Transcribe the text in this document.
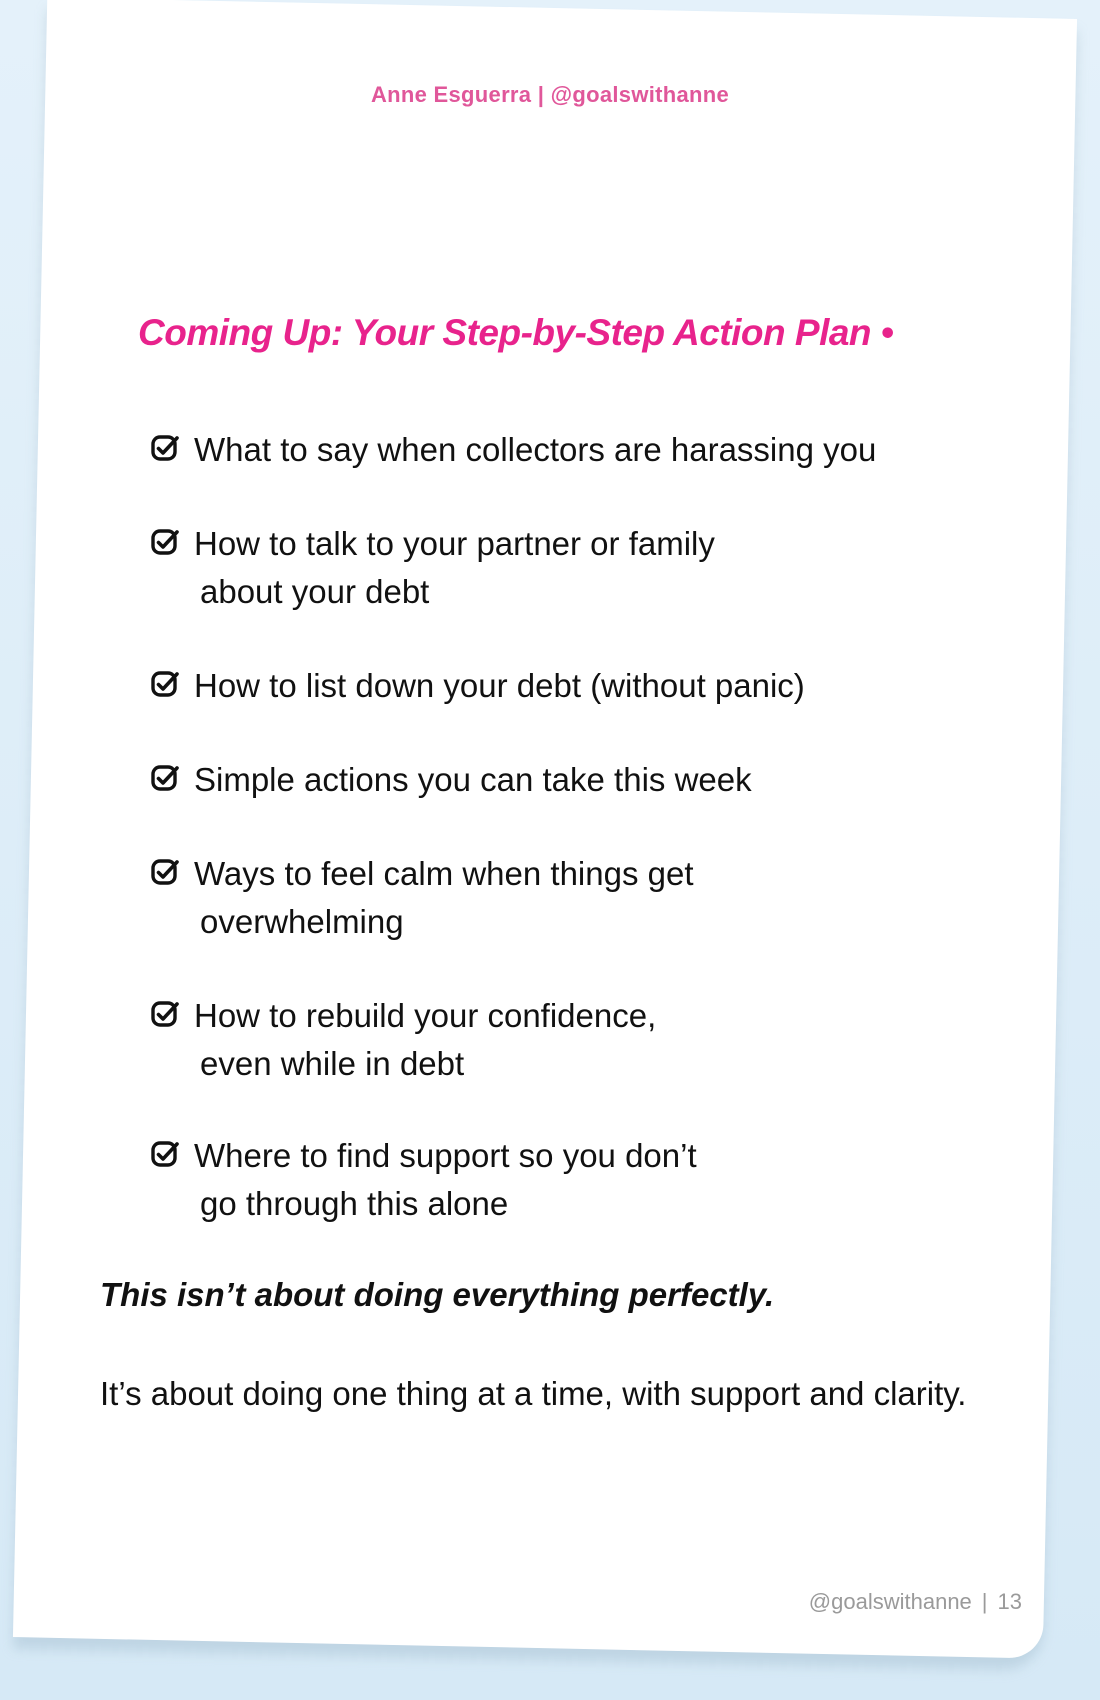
Anne Esguerra | @goalswithanne
Coming Up: Your Step-by-Step Action Plan •
What to say when collectors are harassing you
How to talk to your partner or family
about your debt
How to list down your debt (without panic)
Simple actions you can take this week
Ways to feel calm when things get
overwhelming
How to rebuild your confidence,
even while in debt
Where to find support so you don’t
go through this alone
This isn’t about doing everything perfectly.
It’s about doing one thing at a time, with support and clarity.
@goalswithanne | 13
